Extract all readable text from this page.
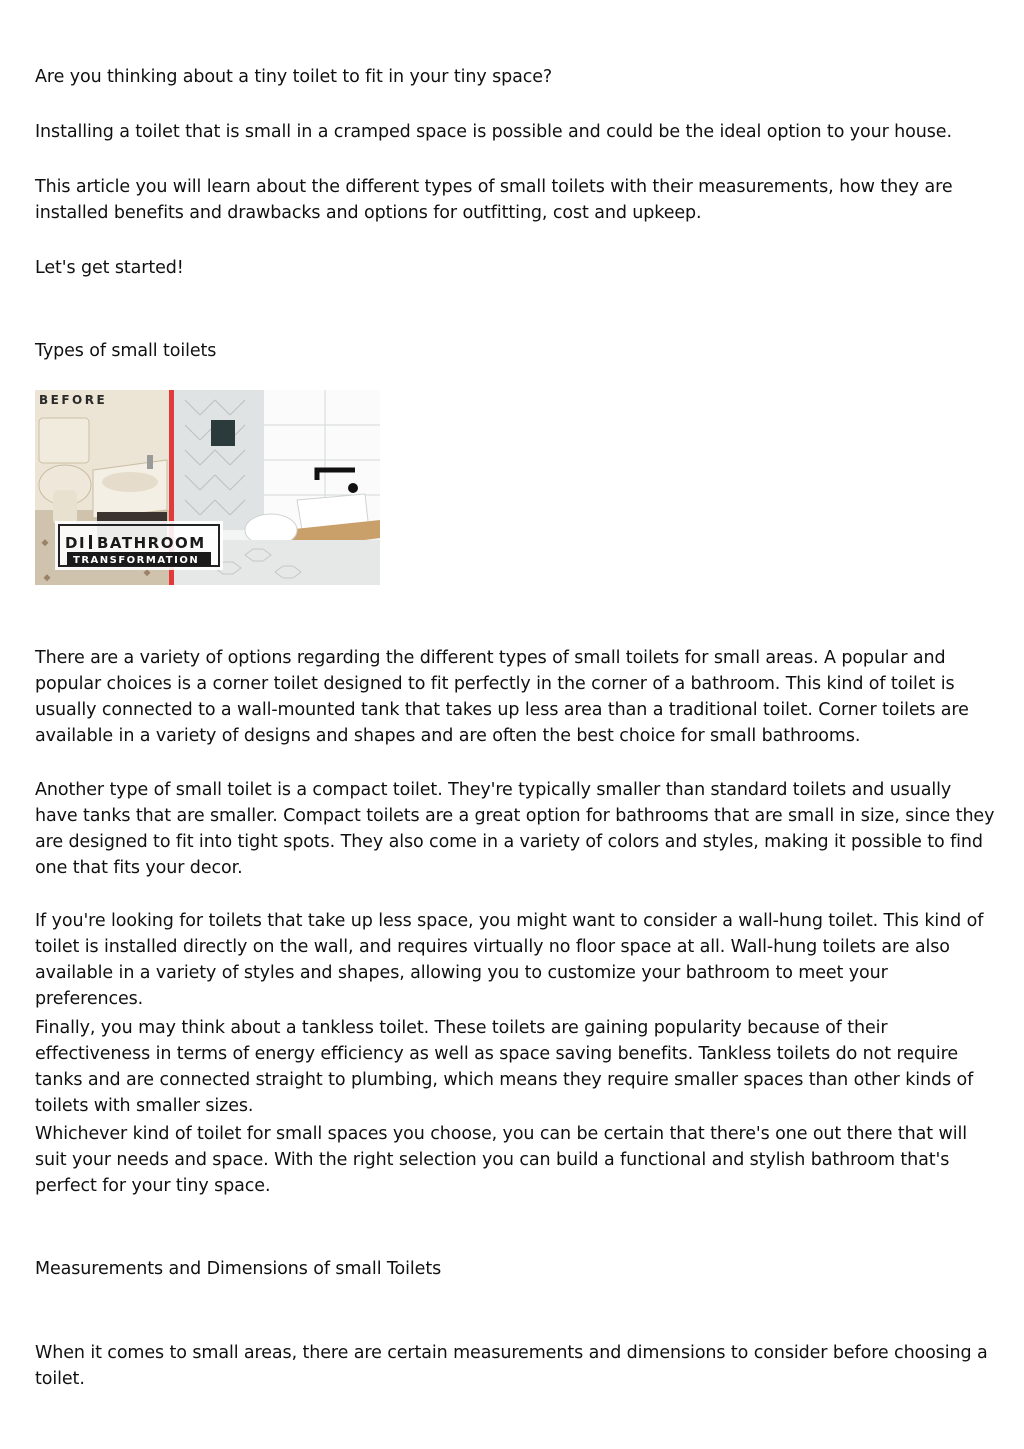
Are you thinking about a tiny toilet to fit in your tiny space?

Installing a toilet that is small in a cramped space is possible and could be the ideal option to your house.

This article you will learn about the different types of small toilets with their measurements, how they are installed benefits and drawbacks and options for outfitting, cost and upkeep.

Let's get started!

Types of small toilets

BEFORE
DI BATHROOM
TRANSFORMATION

There are a variety of options regarding the different types of small toilets for small areas. A popular and popular choices is a corner toilet designed to fit perfectly in the corner of a bathroom. This kind of toilet is usually connected to a wall-mounted tank that takes up less area than a traditional toilet. Corner toilets are available in a variety of designs and shapes and are often the best choice for small bathrooms.

Another type of small toilet is a compact toilet. They're typically smaller than standard toilets and usually have tanks that are smaller. Compact toilets are a great option for bathrooms that are small in size, since they are designed to fit into tight spots. They also come in a variety of colors and styles, making it possible to find one that fits your decor.

If you're looking for toilets that take up less space, you might want to consider a wall-hung toilet. This kind of toilet is installed directly on the wall, and requires virtually no floor space at all. Wall-hung toilets are also available in a variety of styles and shapes, allowing you to customize your bathroom to meet your preferences.

Finally, you may think about a tankless toilet. These toilets are gaining popularity because of their effectiveness in terms of energy efficiency as well as space saving benefits. Tankless toilets do not require tanks and are connected straight to plumbing, which means they require smaller spaces than other kinds of toilets with smaller sizes.

Whichever kind of toilet for small spaces you choose, you can be certain that there's one out there that will suit your needs and space. With the right selection you can build a functional and stylish bathroom that's perfect for your tiny space.

Measurements and Dimensions of small Toilets

When it comes to small areas, there are certain measurements and dimensions to consider before choosing a toilet.
